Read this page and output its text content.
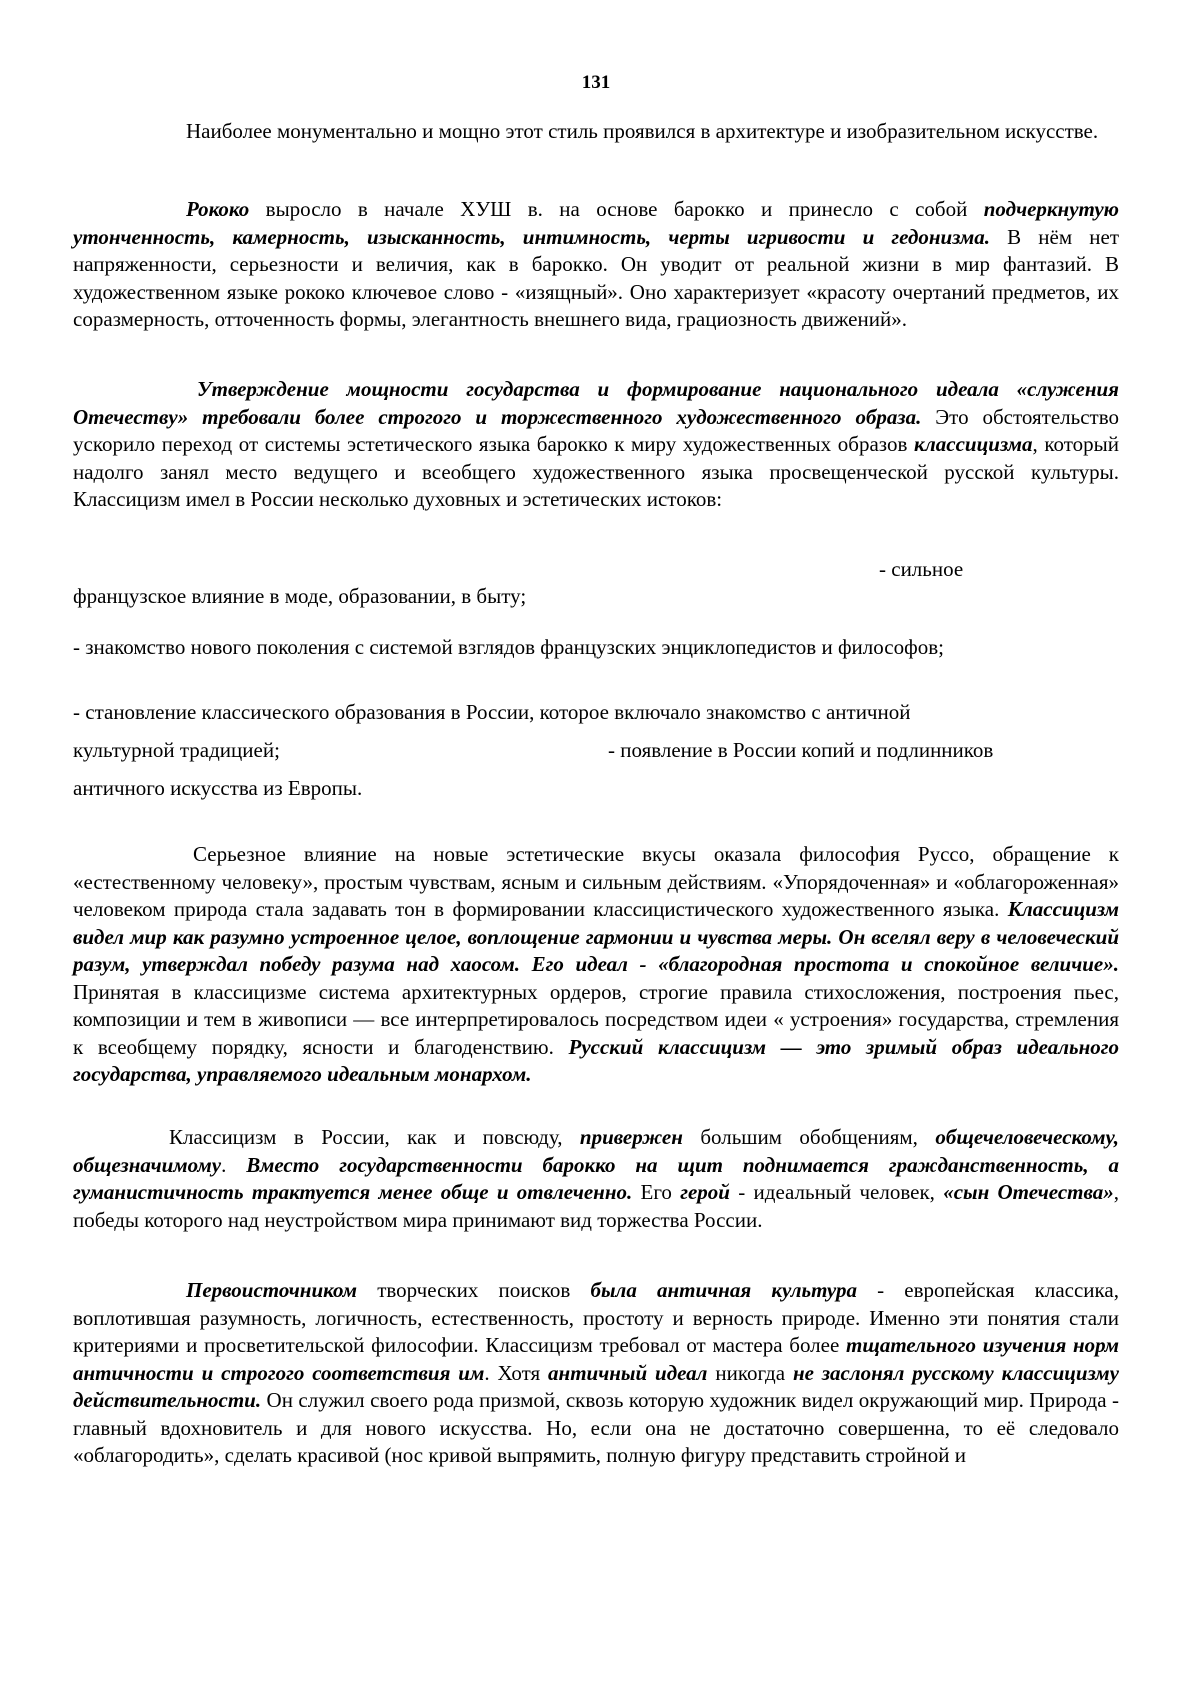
131
Наиболее монументально и мощно этот стиль проявился в архитектуре и изобразительном искусстве.
Рококо выросло в начале ХУШ в. на основе барокко и принесло с собой подчеркнутую утонченность, камерность, изысканность, интимность, черты игривости и гедонизма. В нём нет напряженности, серьезности и величия, как в барокко. Он уводит от реальной жизни в мир фантазий. В художественном языке рококо ключевое слово - «изящный». Оно характеризует «красоту очертаний предметов, их соразмерность, отточенность формы, элегантность внешнего вида, грациозность движений».
Утверждение мощности государства и формирование национального идеала «служения Отечеству» требовали более строгого и торжественного художественного образа. Это обстоятельство ускорило переход от системы эстетического языка барокко к миру художественных образов классицизма, который надолго занял место ведущего и всеобщего художественного языка просвещенческой русской культуры. Классицизм имел в России несколько духовных и эстетических истоков:
- сильное
французское влияние в моде, образовании, в быту;
- знакомство нового поколения с системой взглядов французских энциклопедистов и философов;
- становление классического образования в России, которое включало знакомство с античной
культурной традицией;	- появление в России копий и подлинников
античного искусства из Европы.
Серьезное влияние на новые эстетические вкусы оказала философия Руссо, обращение к «естественному человеку», простым чувствам, ясным и сильным действиям. «Упорядоченная» и «облагороженная» человеком природа стала задавать тон в формировании классицистического художественного языка. Классицизм видел мир как разумно устроенное целое, воплощение гармонии и чувства меры. Он вселял веру в человеческий разум, утверждал победу разума над хаосом. Его идеал - «благородная простота и спокойное величие». Принятая в классицизме система архитектурных ордеров, строгие правила стихосложения, построения пьес, композиции и тем в живописи — все интерпретировалось посредством идеи « устроения» государства, стремления к всеобщему порядку, ясности и благоденствию. Русский классицизм — это зримый образ идеального государства, управляемого идеальным монархом.
Классицизм в России, как и повсюду, привержен большим обобщениям, общечеловеческому, общезначимому. Вместо государственности барокко на щит поднимается гражданственность, а гуманистичность трактуется менее обще и отвлеченно. Его герой - идеальный человек, «сын Отечества», победы которого над неустройством мира принимают вид торжества России.
Первоисточником творческих поисков была античная культура - европейская классика, воплотившая разумность, логичность, естественность, простоту и верность природе. Именно эти понятия стали критериями и просветительской философии. Классицизм требовал от мастера более тщательного изучения норм античности и строгого соответствия им. Хотя античный идеал никогда не заслонял русскому классицизму действительности. Он служил своего рода призмой, сквозь которую художник видел окружающий мир. Природа - главный вдохновитель и для нового искусства. Но, если она не достаточно совершенна, то её следовало «облагородить», сделать красивой (нос кривой выпрямить, полную фигуру представить стройной и
